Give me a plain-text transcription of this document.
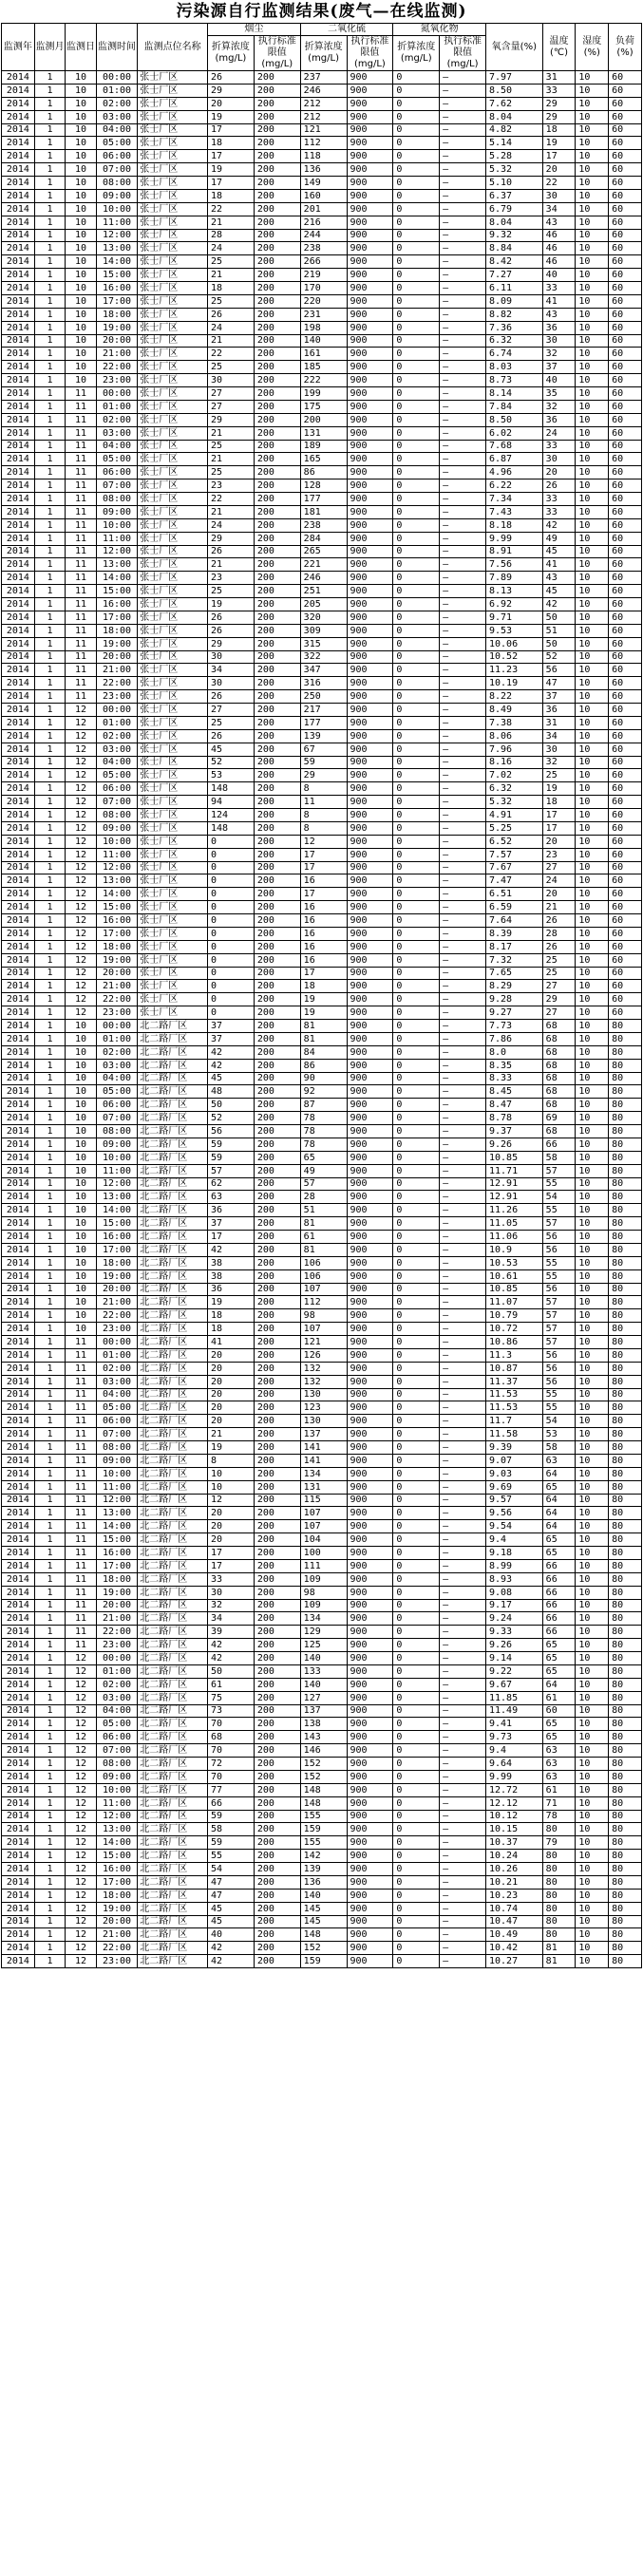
污染源自行监测结果(废气—在线监测)
监测年	监测月	监测日	监测时间	监测点位名称	烟尘		二氧化硫		氮氧化物		氧含量(%)	温度(℃)	湿度(%)	负荷(%)
					折算浓度(mg/L)	执行标准限值(mg/L)	折算浓度(mg/L)	执行标准限值(mg/L)	折算浓度(mg/L)	执行标准限值(mg/L)				
2014	1	10	00:00	张士厂区	26	200	237	900	0	—	7.97	31	10	60
2014	1	10	01:00	张士厂区	29	200	246	900	0	—	8.50	33	10	60
2014	1	10	02:00	张士厂区	20	200	212	900	0	—	7.62	29	10	60
2014	1	10	03:00	张士厂区	19	200	212	900	0	—	8.04	29	10	60
2014	1	10	04:00	张士厂区	17	200	121	900	0	—	4.82	18	10	60
2014	1	10	05:00	张士厂区	18	200	112	900	0	—	5.14	19	10	60
2014	1	10	06:00	张士厂区	17	200	118	900	0	—	5.28	17	10	60
2014	1	10	07:00	张士厂区	19	200	136	900	0	—	5.32	20	10	60
2014	1	10	08:00	张士厂区	17	200	149	900	0	—	5.10	22	10	60
2014	1	10	09:00	张士厂区	18	200	160	900	0	—	6.37	30	10	60
2014	1	10	10:00	张士厂区	22	200	201	900	0	—	6.79	34	10	60
2014	1	10	11:00	张士厂区	21	200	216	900	0	—	8.04	43	10	60
2014	1	10	12:00	张士厂区	28	200	244	900	0	—	9.32	46	10	60
2014	1	10	13:00	张士厂区	24	200	238	900	0	—	8.84	46	10	60
2014	1	10	14:00	张士厂区	25	200	266	900	0	—	8.42	46	10	60
2014	1	10	15:00	张士厂区	21	200	219	900	0	—	7.27	40	10	60
2014	1	10	16:00	张士厂区	18	200	170	900	0	—	6.11	33	10	60
2014	1	10	17:00	张士厂区	25	200	220	900	0	—	8.09	41	10	60
2014	1	10	18:00	张士厂区	26	200	231	900	0	—	8.82	43	10	60
2014	1	10	19:00	张士厂区	24	200	198	900	0	—	7.36	36	10	60
2014	1	10	20:00	张士厂区	21	200	140	900	0	—	6.32	30	10	60
2014	1	10	21:00	张士厂区	22	200	161	900	0	—	6.74	32	10	60
2014	1	10	22:00	张士厂区	25	200	185	900	0	—	8.03	37	10	60
2014	1	10	23:00	张士厂区	30	200	222	900	0	—	8.73	40	10	60
2014	1	11	00:00	张士厂区	27	200	199	900	0	—	8.14	35	10	60
2014	1	11	01:00	张士厂区	27	200	175	900	0	—	7.84	32	10	60
2014	1	11	02:00	张士厂区	29	200	200	900	0	—	8.50	36	10	60
2014	1	11	03:00	张士厂区	21	200	131	900	0	—	6.02	24	10	60
2014	1	11	04:00	张士厂区	25	200	189	900	0	—	7.68	33	10	60
2014	1	11	05:00	张士厂区	21	200	165	900	0	—	6.87	30	10	60
2014	1	11	06:00	张士厂区	25	200	86	900	0	—	4.96	20	10	60
2014	1	11	07:00	张士厂区	23	200	128	900	0	—	6.22	26	10	60
2014	1	11	08:00	张士厂区	22	200	177	900	0	—	7.34	33	10	60
2014	1	11	09:00	张士厂区	21	200	181	900	0	—	7.43	33	10	60
2014	1	11	10:00	张士厂区	24	200	238	900	0	—	8.18	42	10	60
2014	1	11	11:00	张士厂区	29	200	284	900	0	—	9.99	49	10	60
2014	1	11	12:00	张士厂区	26	200	265	900	0	—	8.91	45	10	60
2014	1	11	13:00	张士厂区	21	200	221	900	0	—	7.56	41	10	60
2014	1	11	14:00	张士厂区	23	200	246	900	0	—	7.89	43	10	60
2014	1	11	15:00	张士厂区	25	200	251	900	0	—	8.13	45	10	60
2014	1	11	16:00	张士厂区	19	200	205	900	0	—	6.92	42	10	60
2014	1	11	17:00	张士厂区	26	200	320	900	0	—	9.71	50	10	60
2014	1	11	18:00	张士厂区	26	200	309	900	0	—	9.53	51	10	60
2014	1	11	19:00	张士厂区	29	200	315	900	0	—	10.06	50	10	60
2014	1	11	20:00	张士厂区	30	200	322	900	0	—	10.52	52	10	60
2014	1	11	21:00	张士厂区	34	200	347	900	0	—	11.23	56	10	60
2014	1	11	22:00	张士厂区	30	200	316	900	0	—	10.19	47	10	60
2014	1	11	23:00	张士厂区	26	200	250	900	0	—	8.22	37	10	60
2014	1	12	00:00	张士厂区	27	200	217	900	0	—	8.49	36	10	60
2014	1	12	01:00	张士厂区	25	200	177	900	0	—	7.38	31	10	60
2014	1	12	02:00	张士厂区	26	200	139	900	0	—	8.06	34	10	60
2014	1	12	03:00	张士厂区	45	200	67	900	0	—	7.96	30	10	60
2014	1	12	04:00	张士厂区	52	200	59	900	0	—	8.16	32	10	60
2014	1	12	05:00	张士厂区	53	200	29	900	0	—	7.02	25	10	60
2014	1	12	06:00	张士厂区	148	200	8	900	0	—	6.32	19	10	60
2014	1	12	07:00	张士厂区	94	200	11	900	0	—	5.32	18	10	60
2014	1	12	08:00	张士厂区	124	200	8	900	0	—	4.91	17	10	60
2014	1	12	09:00	张士厂区	148	200	8	900	0	—	5.25	17	10	60
2014	1	12	10:00	张士厂区	0	200	12	900	0	—	6.52	20	10	60
2014	1	12	11:00	张士厂区	0	200	17	900	0	—	7.57	23	10	60
2014	1	12	12:00	张士厂区	0	200	17	900	0	—	7.67	27	10	60
2014	1	12	13:00	张士厂区	0	200	16	900	0	—	7.47	24	10	60
2014	1	12	14:00	张士厂区	0	200	17	900	0	—	6.51	20	10	60
2014	1	12	15:00	张士厂区	0	200	16	900	0	—	6.59	21	10	60
2014	1	12	16:00	张士厂区	0	200	16	900	0	—	7.64	26	10	60
2014	1	12	17:00	张士厂区	0	200	16	900	0	—	8.39	28	10	60
2014	1	12	18:00	张士厂区	0	200	16	900	0	—	8.17	26	10	60
2014	1	12	19:00	张士厂区	0	200	16	900	0	—	7.32	25	10	60
2014	1	12	20:00	张士厂区	0	200	17	900	0	—	7.65	25	10	60
2014	1	12	21:00	张士厂区	0	200	18	900	0	—	8.29	27	10	60
2014	1	12	22:00	张士厂区	0	200	19	900	0	—	9.28	29	10	60
2014	1	12	23:00	张士厂区	0	200	19	900	0	—	9.27	27	10	60
2014	1	10	00:00	北二路厂区	37	200	81	900	0	—	7.73	68	10	80
2014	1	10	01:00	北二路厂区	37	200	81	900	0	—	7.86	68	10	80
2014	1	10	02:00	北二路厂区	42	200	84	900	0	—	8.0	68	10	80
2014	1	10	03:00	北二路厂区	42	200	86	900	0	—	8.35	68	10	80
2014	1	10	04:00	北二路厂区	45	200	90	900	0	—	8.33	68	10	80
2014	1	10	05:00	北二路厂区	48	200	92	900	0	—	8.45	68	10	80
2014	1	10	06:00	北二路厂区	50	200	87	900	0	—	8.47	68	10	80
2014	1	10	07:00	北二路厂区	52	200	78	900	0	—	8.78	69	10	80
2014	1	10	08:00	北二路厂区	56	200	78	900	0	—	9.37	68	10	80
2014	1	10	09:00	北二路厂区	59	200	78	900	0	—	9.26	66	10	80
2014	1	10	10:00	北二路厂区	59	200	65	900	0	—	10.85	58	10	80
2014	1	10	11:00	北二路厂区	57	200	49	900	0	—	11.71	57	10	80
2014	1	10	12:00	北二路厂区	62	200	57	900	0	—	12.91	55	10	80
2014	1	10	13:00	北二路厂区	63	200	28	900	0	—	12.91	54	10	80
2014	1	10	14:00	北二路厂区	36	200	51	900	0	—	11.26	55	10	80
2014	1	10	15:00	北二路厂区	37	200	81	900	0	—	11.05	57	10	80
2014	1	10	16:00	北二路厂区	17	200	61	900	0	—	11.06	56	10	80
2014	1	10	17:00	北二路厂区	42	200	81	900	0	—	10.9	56	10	80
2014	1	10	18:00	北二路厂区	38	200	106	900	0	—	10.53	55	10	80
2014	1	10	19:00	北二路厂区	38	200	106	900	0	—	10.61	55	10	80
2014	1	10	20:00	北二路厂区	36	200	107	900	0	—	10.85	56	10	80
2014	1	10	21:00	北二路厂区	19	200	112	900	0	—	11.07	57	10	80
2014	1	10	22:00	北二路厂区	18	200	98	900	0	—	10.79	57	10	80
2014	1	10	23:00	北二路厂区	18	200	107	900	0	—	10.72	57	10	80
2014	1	11	00:00	北二路厂区	41	200	121	900	0	—	10.86	57	10	80
2014	1	11	01:00	北二路厂区	20	200	126	900	0	—	11.3	56	10	80
2014	1	11	02:00	北二路厂区	20	200	132	900	0	—	10.87	56	10	80
2014	1	11	03:00	北二路厂区	20	200	132	900	0	—	11.37	56	10	80
2014	1	11	04:00	北二路厂区	20	200	130	900	0	—	11.53	55	10	80
2014	1	11	05:00	北二路厂区	20	200	123	900	0	—	11.53	55	10	80
2014	1	11	06:00	北二路厂区	20	200	130	900	0	—	11.7	54	10	80
2014	1	11	07:00	北二路厂区	21	200	137	900	0	—	11.58	53	10	80
2014	1	11	08:00	北二路厂区	19	200	141	900	0	—	9.39	58	10	80
2014	1	11	09:00	北二路厂区	8	200	141	900	0	—	9.07	63	10	80
2014	1	11	10:00	北二路厂区	10	200	134	900	0	—	9.03	64	10	80
2014	1	11	11:00	北二路厂区	10	200	131	900	0	—	9.69	65	10	80
2014	1	11	12:00	北二路厂区	12	200	115	900	0	—	9.57	64	10	80
2014	1	11	13:00	北二路厂区	20	200	107	900	0	—	9.56	64	10	80
2014	1	11	14:00	北二路厂区	20	200	107	900	0	—	9.54	64	10	80
2014	1	11	15:00	北二路厂区	20	200	104	900	0	—	9.4	65	10	80
2014	1	11	16:00	北二路厂区	17	200	100	900	0	—	9.18	65	10	80
2014	1	11	17:00	北二路厂区	17	200	111	900	0	—	8.99	66	10	80
2014	1	11	18:00	北二路厂区	33	200	109	900	0	—	8.93	66	10	80
2014	1	11	19:00	北二路厂区	30	200	98	900	0	—	9.08	66	10	80
2014	1	11	20:00	北二路厂区	32	200	109	900	0	—	9.17	66	10	80
2014	1	11	21:00	北二路厂区	34	200	134	900	0	—	9.24	66	10	80
2014	1	11	22:00	北二路厂区	39	200	129	900	0	—	9.33	66	10	80
2014	1	11	23:00	北二路厂区	42	200	125	900	0	—	9.26	65	10	80
2014	1	12	00:00	北二路厂区	42	200	140	900	0	—	9.14	65	10	80
2014	1	12	01:00	北二路厂区	50	200	133	900	0	—	9.22	65	10	80
2014	1	12	02:00	北二路厂区	61	200	140	900	0	—	9.67	64	10	80
2014	1	12	03:00	北二路厂区	75	200	127	900	0	—	11.85	61	10	80
2014	1	12	04:00	北二路厂区	73	200	137	900	0	—	11.49	60	10	80
2014	1	12	05:00	北二路厂区	70	200	138	900	0	—	9.41	65	10	80
2014	1	12	06:00	北二路厂区	68	200	143	900	0	—	9.73	65	10	80
2014	1	12	07:00	北二路厂区	70	200	146	900	0	—	9.4	63	10	80
2014	1	12	08:00	北二路厂区	72	200	152	900	0	—	9.64	63	10	80
2014	1	12	09:00	北二路厂区	70	200	152	900	0	—	9.99	63	10	80
2014	1	12	10:00	北二路厂区	77	200	148	900	0	—	12.72	61	10	80
2014	1	12	11:00	北二路厂区	66	200	148	900	0	—	12.12	71	10	80
2014	1	12	12:00	北二路厂区	59	200	155	900	0	—	10.12	78	10	80
2014	1	12	13:00	北二路厂区	58	200	159	900	0	—	10.15	80	10	80
2014	1	12	14:00	北二路厂区	59	200	155	900	0	—	10.37	79	10	80
2014	1	12	15:00	北二路厂区	55	200	142	900	0	—	10.24	80	10	80
2014	1	12	16:00	北二路厂区	54	200	139	900	0	—	10.26	80	10	80
2014	1	12	17:00	北二路厂区	47	200	136	900	0	—	10.21	80	10	80
2014	1	12	18:00	北二路厂区	47	200	140	900	0	—	10.23	80	10	80
2014	1	12	19:00	北二路厂区	45	200	145	900	0	—	10.74	80	10	80
2014	1	12	20:00	北二路厂区	45	200	145	900	0	—	10.47	80	10	80
2014	1	12	21:00	北二路厂区	40	200	148	900	0	—	10.49	80	10	80
2014	1	12	22:00	北二路厂区	42	200	152	900	0	—	10.42	81	10	80
2014	1	12	23:00	北二路厂区	42	200	159	900	0	—	10.27	81	10	80
